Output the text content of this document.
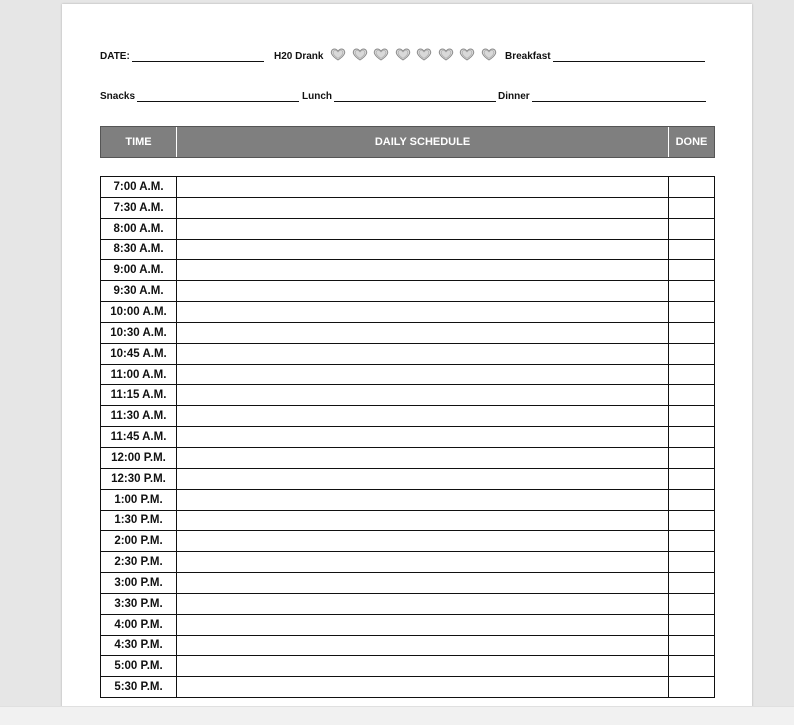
DATE:	H20 Drank	Breakfast
Snacks	Lunch	Dinner
TIME	DAILY SCHEDULE	DONE
7:00 A.M.
7:30 A.M.
8:00 A.M.
8:30 A.M.
9:00 A.M.
9:30 A.M.
10:00 A.M.
10:30 A.M.
10:45 A.M.
11:00 A.M.
11:15 A.M.
11:30 A.M.
11:45 A.M.
12:00 P.M.
12:30 P.M.
1:00 P.M.
1:30 P.M.
2:00 P.M.
2:30 P.M.
3:00 P.M.
3:30 P.M.
4:00 P.M.
4:30 P.M.
5:00 P.M.
5:30 P.M.
